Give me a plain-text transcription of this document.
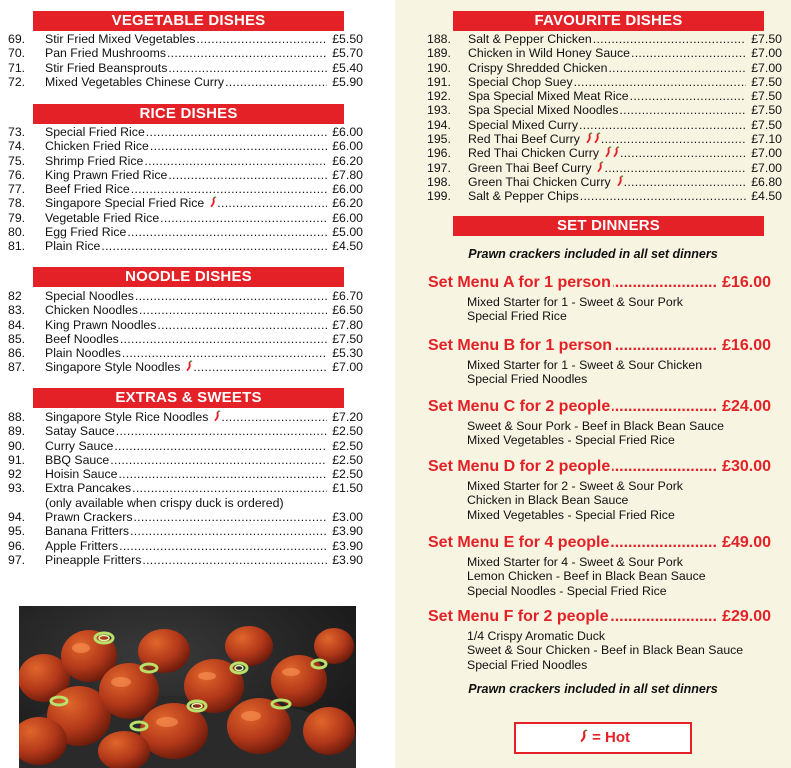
VEGETABLE DISHES
69. Stir Fried Mixed Vegetables .....	£5.50
70. Pan Fried Mushrooms .....	£5.70
71. Stir Fried Beansprouts .....	£5.40
72. Mixed Vegetables Chinese Curry .....	£5.90
RICE DISHES
73. Special Fried Rice .....	£6.00
74. Chicken Fried Rice .....	£6.00
75. Shrimp Fried Rice .....	£6.20
76. King Prawn Fried Rice .....	£7.80
77. Beef Fried Rice .....	£6.00
78. Singapore Special Fried Rice .....	£6.20
79. Vegetable Fried Rice .....	£6.00
80. Egg Fried Rice .....	£5.00
81. Plain Rice .....	£4.50
NOODLE DISHES
82 Special Noodles .....	£6.70
83. Chicken Noodles .....	£6.50
84. King Prawn Noodles .....	£7.80
85. Beef Noodles .....	£7.50
86. Plain Noodles .....	£5.30
87. Singapore Style Noodles .....	£7.00
EXTRAS & SWEETS
88. Singapore Style Rice Noodles .....	£7.20
89. Satay Sauce .....	£2.50
90. Curry Sauce .....	£2.50
91. BBQ Sauce .....	£2.50
92 Hoisin Sauce .....	£2.50
93. Extra Pancakes .....	£1.50
(only available when crispy duck is ordered)
94. Prawn Crackers .....	£3.00
95. Banana Fritters .....	£3.90
96. Apple Fritters .....	£3.90
97. Pineapple Fritters .....	£3.90
FAVOURITE DISHES
188. Salt & Pepper Chicken .....	£7.50
189. Chicken in Wild Honey Sauce .....	£7.00
190. Crispy Shredded Chicken .....	£7.00
191. Special Chop Suey .....	£7.50
192. Spa Special Mixed Meat Rice .....	£7.50
193. Spa Special Mixed Noodles .....	£7.50
194. Special Mixed Curry .....	£7.50
195. Red Thai Beef Curry .....	£7.10
196. Red Thai Chicken Curry .....	£7.00
197. Green Thai Beef Curry .....	£7.00
198. Green Thai Chicken Curry .....	£6.80
199. Salt & Pepper Chips .....	£4.50
SET DINNERS
Prawn crackers included in all set dinners
.....
Set Menu A for 1 person	£16.00
Mixed Starter for 1 - Sweet & Sour Pork
Special Fried Rice
.....
Set Menu B for 1 person	£16.00
Mixed Starter for 1 - Sweet & Sour Chicken
Special Fried Noodles
.....
Set Menu C for 2 people	£24.00
Sweet & Sour Pork - Beef in Black Bean Sauce
Mixed Vegetables - Special Fried Rice
.....
Set Menu D for 2 people	£30.00
Mixed Starter for 2 - Sweet & Sour Pork
Chicken in Black Bean Sauce
Mixed Vegetables - Special Fried Rice
.....
Set Menu E for 4 people	£49.00
Mixed Starter for 4 - Sweet & Sour Pork
Lemon Chicken - Beef in Black Bean Sauce
Special Noodles - Special Fried Rice
.....
Set Menu F for 2 people	£29.00
1/4 Crispy Aromatic Duck
Sweet & Sour Chicken - Beef in Black Bean Sauce
Special Fried Noodles
Prawn crackers included in all set dinners
= Hot
